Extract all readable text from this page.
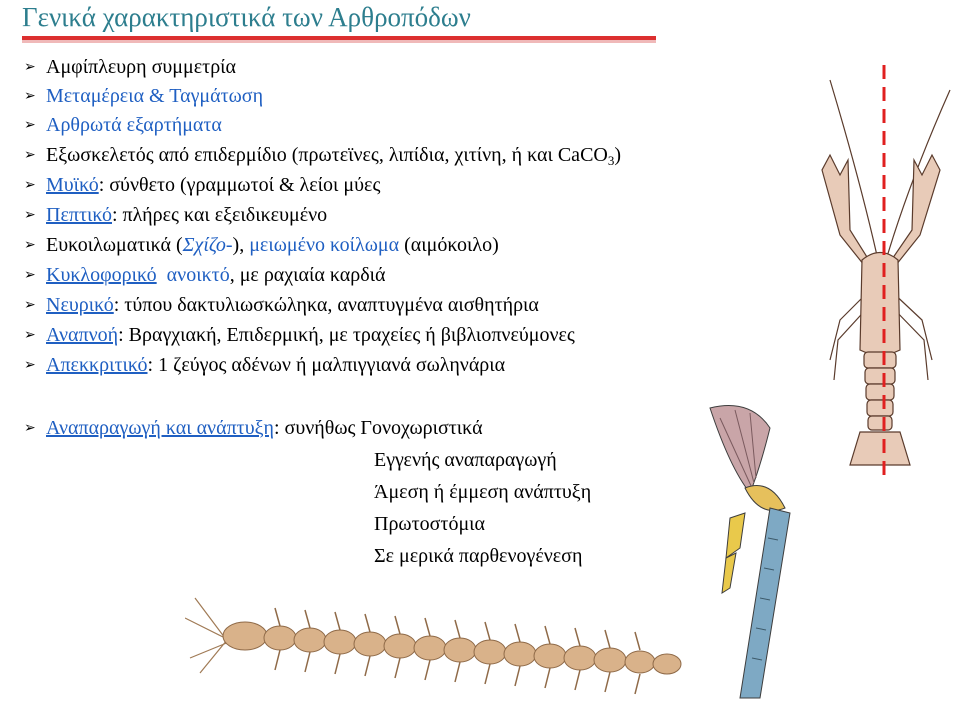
Γενικά χαρακτηριστικά των Αρθροπόδων
➢ Αμφίπλευρη συμμετρία
➢ Μεταμέρεια & Ταγμάτωση
➢ Αρθρωτά εξαρτήματα
➢ Εξωσκελετός από επιδερμίδιο (πρωτεϊνες, λιπίδια, χιτίνη, ή και CaCO$_3$)
➢ Μυϊκό: σύνθετο (γραμμωτοί & λείοι μύες
➢ Πεπτικό: πλήρες και εξειδικευμένο
➢ Ευκοιλωματικά (Σχίζο-), μειωμένο κοίλωμα (αιμόκοιλο)
➢ Κυκλοφορικό  ανοικτό, με ραχιαία καρδιά
➢ Νευρικό: τύπου δακτυλιωσκώληκα, αναπτυγμένα αισθητήρια
➢ Αναπνοή: Βραγχιακή, Επιδερμική, με τραχείες ή βιβλιοπνεύμονες
➢ Απεκκριτικό: 1 ζεύγος αδένων ή μαλπιγγιανά σωληνάρια
➢ Αναπαραγωγή και ανάπτυξη: συνήθως Γονοχωριστικά
Εγγενής αναπαραγωγή
Άμεση ή έμμεση ανάπτυξη
Πρωτοστόμια
Σε μερικά παρθενογένεση
